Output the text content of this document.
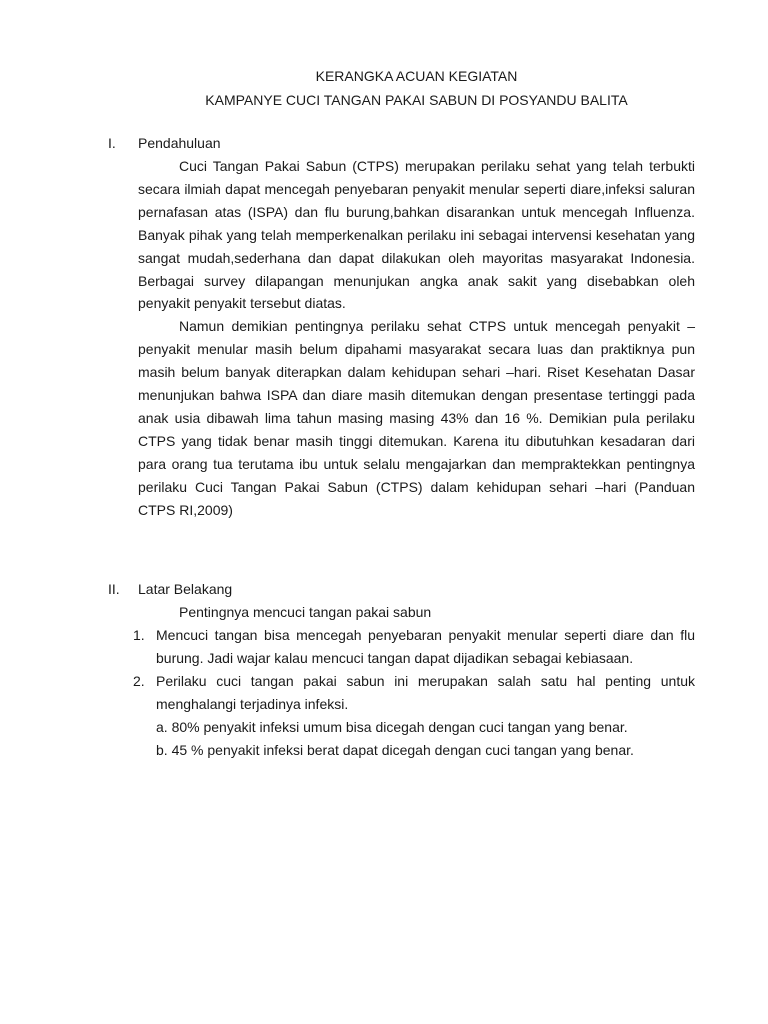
KERANGKA ACUAN KEGIATAN
KAMPANYE CUCI TANGAN PAKAI SABUN DI POSYANDU BALITA
I. Pendahuluan

Cuci Tangan Pakai Sabun (CTPS) merupakan perilaku sehat yang telah terbukti secara ilmiah dapat mencegah penyebaran penyakit menular seperti diare,infeksi saluran pernafasan atas (ISPA) dan flu burung,bahkan disarankan untuk mencegah Influenza. Banyak pihak yang telah memperkenalkan perilaku ini sebagai intervensi kesehatan yang sangat mudah,sederhana dan dapat dilakukan oleh mayoritas masyarakat Indonesia. Berbagai survey dilapangan menunjukan angka anak sakit yang disebabkan oleh penyakit penyakit tersebut diatas.

Namun demikian pentingnya perilaku sehat CTPS untuk mencegah penyakit – penyakit menular masih belum dipahami masyarakat secara luas dan praktiknya pun masih belum banyak diterapkan dalam kehidupan sehari –hari. Riset Kesehatan Dasar menunjukan bahwa ISPA dan diare masih ditemukan dengan presentase tertinggi pada anak usia dibawah lima tahun masing masing 43% dan 16 %. Demikian pula perilaku CTPS yang tidak benar masih tinggi ditemukan. Karena itu dibutuhkan kesadaran dari para orang tua terutama ibu untuk selalu mengajarkan dan mempraktekkan pentingnya perilaku Cuci Tangan Pakai Sabun (CTPS) dalam kehidupan sehari –hari (Panduan CTPS RI,2009)

II. Latar Belakang
Pentingnya mencuci tangan pakai sabun
1. Mencuci tangan bisa mencegah penyebaran penyakit menular seperti diare dan flu burung. Jadi wajar kalau mencuci tangan dapat dijadikan sebagai kebiasaan.
2. Perilaku cuci tangan pakai sabun ini merupakan salah satu hal penting untuk menghalangi terjadinya infeksi.
a. 80% penyakit infeksi umum bisa dicegah dengan cuci tangan yang benar.
b. 45 % penyakit infeksi berat dapat dicegah dengan cuci tangan yang benar.
